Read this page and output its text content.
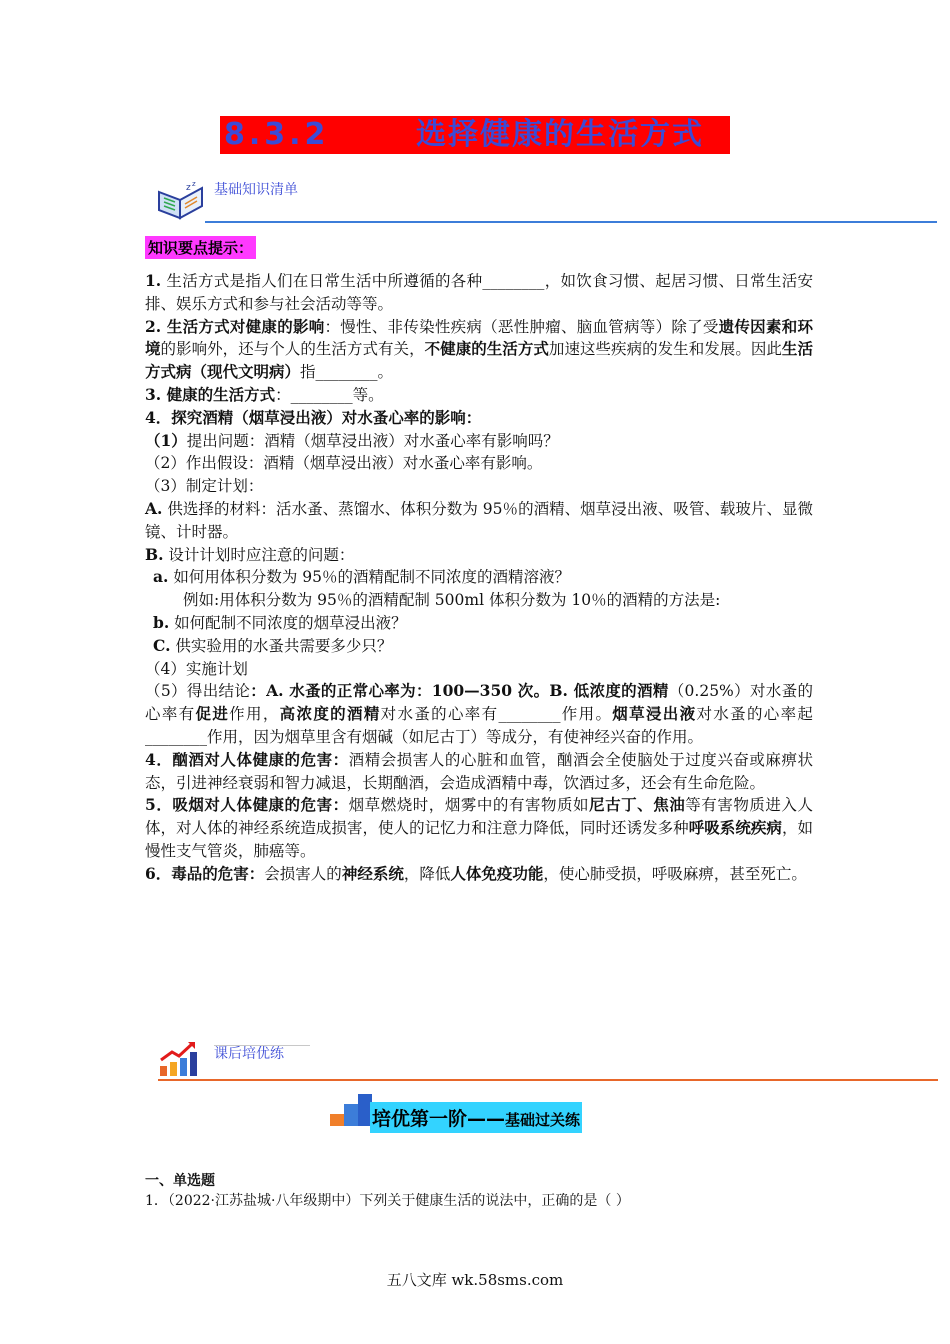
8.3.2	选择健康的生活方式
z z 基础知识清单
知识要点提示：

1. 生活方式是指人们在日常生活中所遵循的各种________，如饮食习惯、起居习惯、日常生活安排、娱乐方式和参与社会活动等等。

2. 生活方式对健康的影响：慢性、非传染性疾病（恶性肿瘤、脑血管病等）除了受遗传因素和环境的影响外，还与个人的生活方式有关，不健康的生活方式加速这些疾病的发生和发展。因此生活方式病（现代文明病）指________。

3. 健康的生活方式：________等。

4．探究酒精（烟草浸出液）对水蚤心率的影响：

（1）提出问题：酒精（烟草浸出液）对水蚤心率有影响吗？

（2）作出假设：酒精（烟草浸出液）对水蚤心率有影响。

（3）制定计划：

A. 供选择的材料：活水蚤、蒸馏水、体积分数为 95％的酒精、烟草浸出液、吸管、载玻片、显微镜、计时器。

B. 设计计划时应注意的问题：

a. 如何用体积分数为 95％的酒精配制不同浓度的酒精溶液？

例如:用体积分数为 95％的酒精配制 500ml 体积分数为 10％的酒精的方法是:

b. 如何配制不同浓度的烟草浸出液？

C. 供实验用的水蚤共需要多少只？

（4）实施计划

（5）得出结论：A. 水蚤的正常心率为：100—350 次。B. 低浓度的酒精（0.25%）对水蚤的心率有促进作用，高浓度的酒精对水蚤的心率有________作用。烟草浸出液对水蚤的心率起________作用，因为烟草里含有烟碱（如尼古丁）等成分，有使神经兴奋的作用。

4．酗酒对人体健康的危害：酒精会损害人的心脏和血管，酗酒会全使脑处于过度兴奋或麻痹状态，引进神经衰弱和智力减退，长期酗酒，会造成酒精中毒，饮酒过多，还会有生命危险。

5．吸烟对人体健康的危害：烟草燃烧时，烟雾中的有害物质如尼古丁、焦油等有害物质进入人体，对人体的神经系统造成损害，使人的记忆力和注意力降低，同时还诱发多种呼吸系统疾病，如慢性支气管炎，肺癌等。

6．毒品的危害：会损害人的神经系统，降低人体免疫功能，使心肺受损，呼吸麻痹，甚至死亡。

课后培优练
培优第一阶——基础过关练
一、单选题
1．（2022·江苏盐城·八年级期中）下列关于健康生活的说法中，正确的是（ ）
五八文库 wk.58sms.com
